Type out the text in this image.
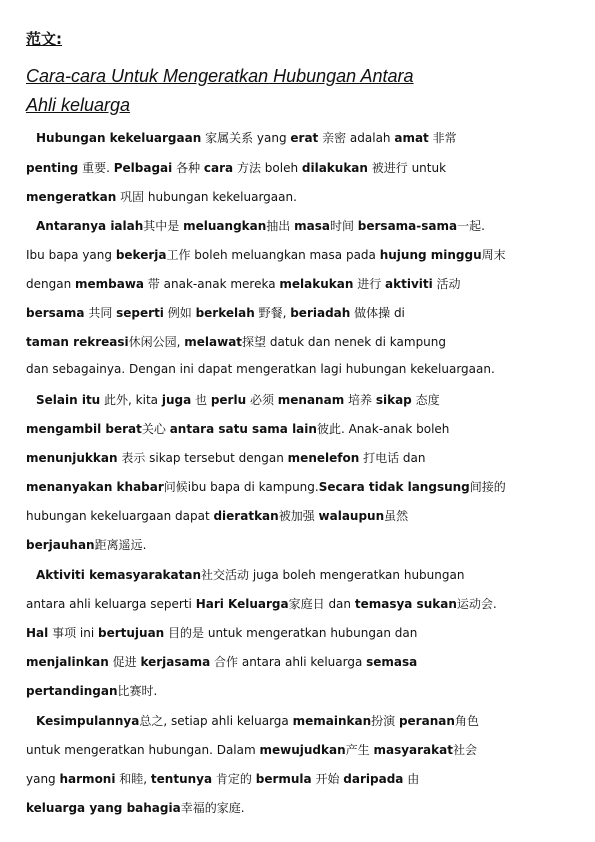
范文:
Cara-cara Untuk Mengeratkan Hubungan Antara
Ahli keluarga
Hubungan kekeluargaan 家属关系 yang erat 亲密 adalah amat 非常
penting 重要. Pelbagai 各种 cara 方法 boleh dilakukan 被进行 untuk
mengeratkan 巩固 hubungan kekeluargaan.
Antaranya ialah其中是 meluangkan抽出 masa时间 bersama-sama一起.
Ibu bapa yang bekerja工作 boleh meluangkan masa pada hujung minggu周末
dengan membawa 带 anak-anak mereka melakukan 进行 aktiviti 活动
bersama 共同 seperti 例如 berkelah 野餐, beriadah 做体操 di
taman rekreasi休闲公园, melawat探望 datuk dan nenek di kampung
dan sebagainya. Dengan ini dapat mengeratkan lagi hubungan kekeluargaan.
Selain itu 此外, kita juga 也 perlu 必须 menanam 培养 sikap 态度
mengambil berat关心 antara satu sama lain彼此. Anak-anak boleh
menunjukkan 表示 sikap tersebut dengan menelefon 打电话 dan
menanyakan khabar问候ibu bapa di kampung.Secara tidak langsung间接的
hubungan kekeluargaan dapat dieratkan被加强 walaupun虽然
berjauhan距离遥远.
Aktiviti kemasyarakatan社交活动 juga boleh mengeratkan hubungan
antara ahli keluarga seperti Hari Keluarga家庭日 dan temasya sukan运动会.
Hal 事项 ini bertujuan 目的是 untuk mengeratkan hubungan dan
menjalinkan 促进 kerjasama 合作 antara ahli keluarga semasa
pertandingan比赛时.
Kesimpulannya总之, setiap ahli keluarga memainkan扮演 peranan角色
untuk mengeratkan hubungan. Dalam mewujudkan产生 masyarakat社会
yang harmoni 和睦, tentunya 肯定的 bermula 开始 daripada 由
keluarga yang bahagia幸福的家庭.
